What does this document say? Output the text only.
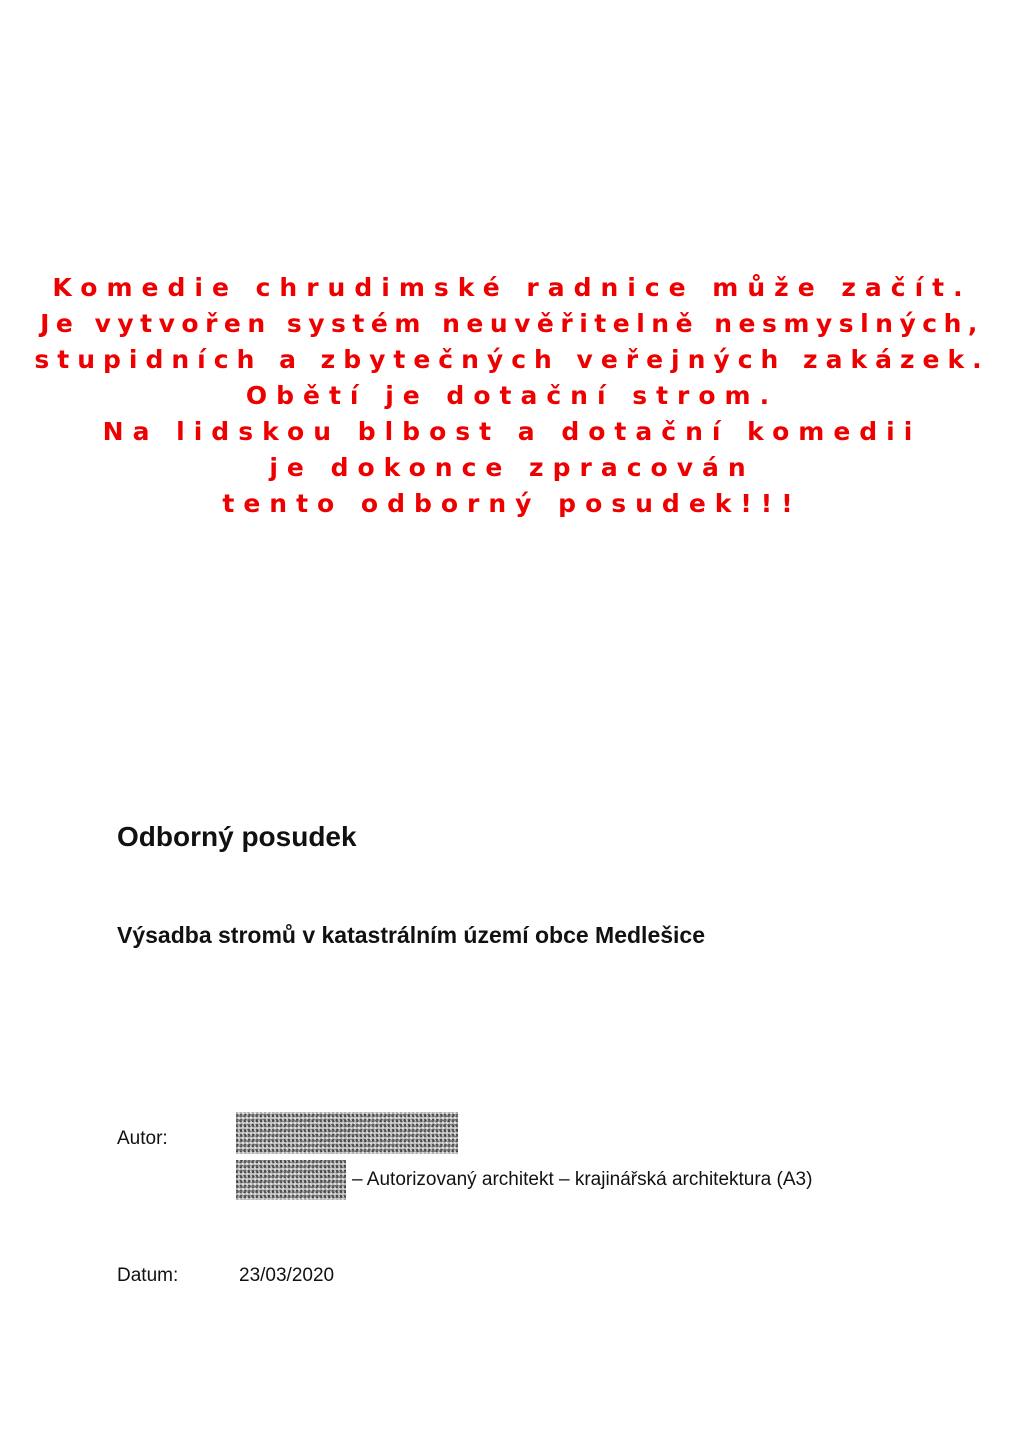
Komedie chrudimské radnice může začít.
Je vytvořen systém neuvěřitelně nesmyslných,
stupidních a zbytečných veřejných zakázek.
Obětí je dotační strom.
Na lidskou blbost a dotační komedii
je dokonce zpracován
tento odborný posudek!!!
Odborný posudek
Výsadba stromů v katastrálním území obce Medlešice
Autor:
– Autorizovaný architekt – krajinářská architektura (A3)
Datum:	23/03/2020
